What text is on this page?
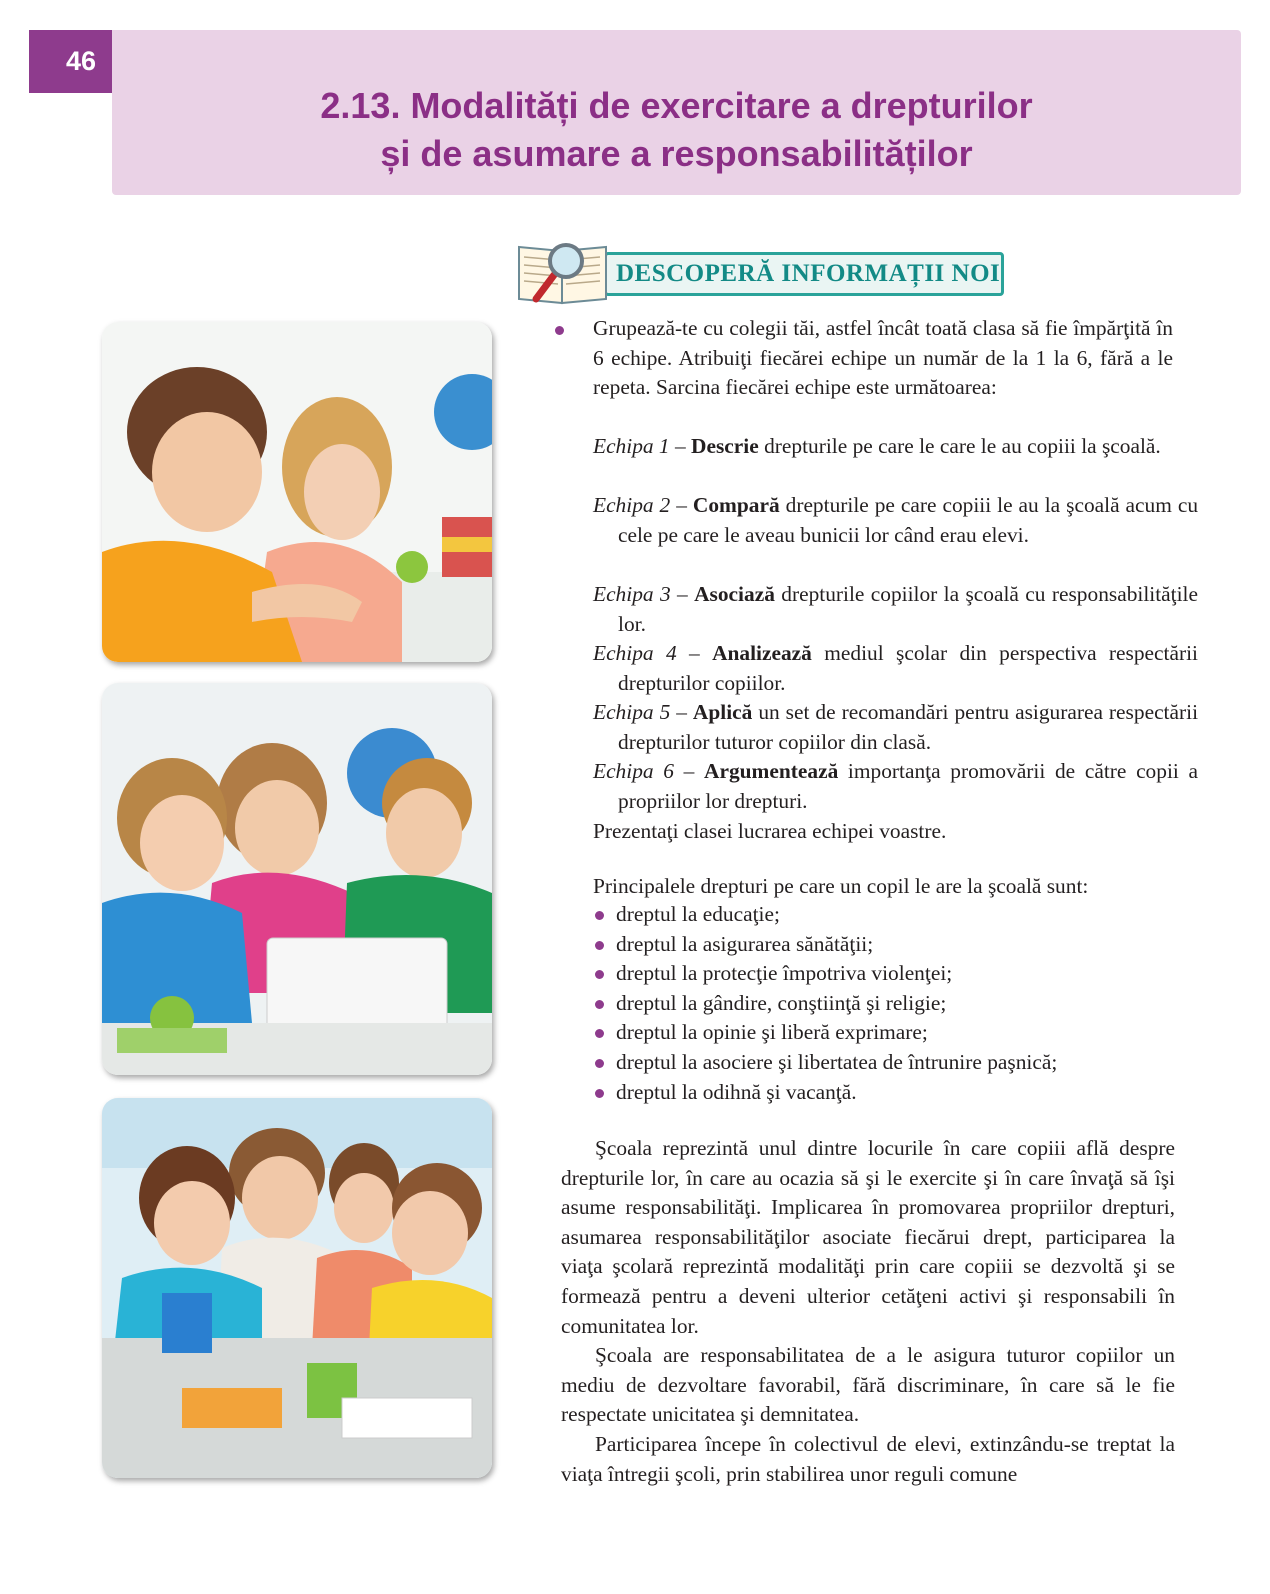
46
2.13. Modalități de exercitare a drepturilor
și de asumare a responsabilităților
DESCOPERĂ INFORMAȚII NOI
Grupează-te cu colegii tăi, astfel încât toată clasa să fie împărţită în 6 echipe. Atribuiţi fiecărei echipe un număr de la 1 la 6, fără a le repeta. Sarcina fiecărei echipe este următoarea:
Echipa 1 – Descrie drepturile pe care le care le au copiii la şcoală.
Echipa 2 – Compară drepturile pe care copiii le au la şcoală acum cu cele pe care le aveau bunicii lor când erau elevi.
Echipa 3 – Asociază drepturile copiilor la şcoală cu responsabilităţile lor.
Echipa 4 – Analizează mediul şcolar din perspectiva respectării drepturilor copiilor.
Echipa 5 – Aplică un set de recomandări pentru asigurarea respectării drepturilor tuturor copiilor din clasă.
Echipa 6 – Argumentează importanţa promovării de către copii a propriilor lor drepturi.
Prezentaţi clasei lucrarea echipei voastre.
Principalele drepturi pe care un copil le are la şcoală sunt:
dreptul la educaţie;
dreptul la asigurarea sănătăţii;
dreptul la protecţie împotriva violenţei;
dreptul la gândire, conştiinţă şi religie;
dreptul la opinie şi liberă exprimare;
dreptul la asociere şi libertatea de întrunire paşnică;
dreptul la odihnă şi vacanţă.

Şcoala reprezintă unul dintre locurile în care copiii află despre drepturile lor, în care au ocazia să şi le exercite şi în care învaţă să îşi asume responsabilităţi. Implicarea în promovarea propriilor drepturi, asumarea responsabilităţilor asociate fiecărui drept, participarea la viaţa şcolară reprezintă modalităţi prin care copiii se dezvoltă şi se formează pentru a deveni ulterior cetăţeni activi şi responsabili în comunitatea lor.

Şcoala are responsabilitatea de a le asigura tuturor copiilor un mediu de dezvoltare favorabil, fără discriminare, în care să le fie respectate unicitatea şi demnitatea.

Participarea începe în colectivul de elevi, extinzându-se treptat la viaţa întregii şcoli, prin stabilirea unor reguli comune
